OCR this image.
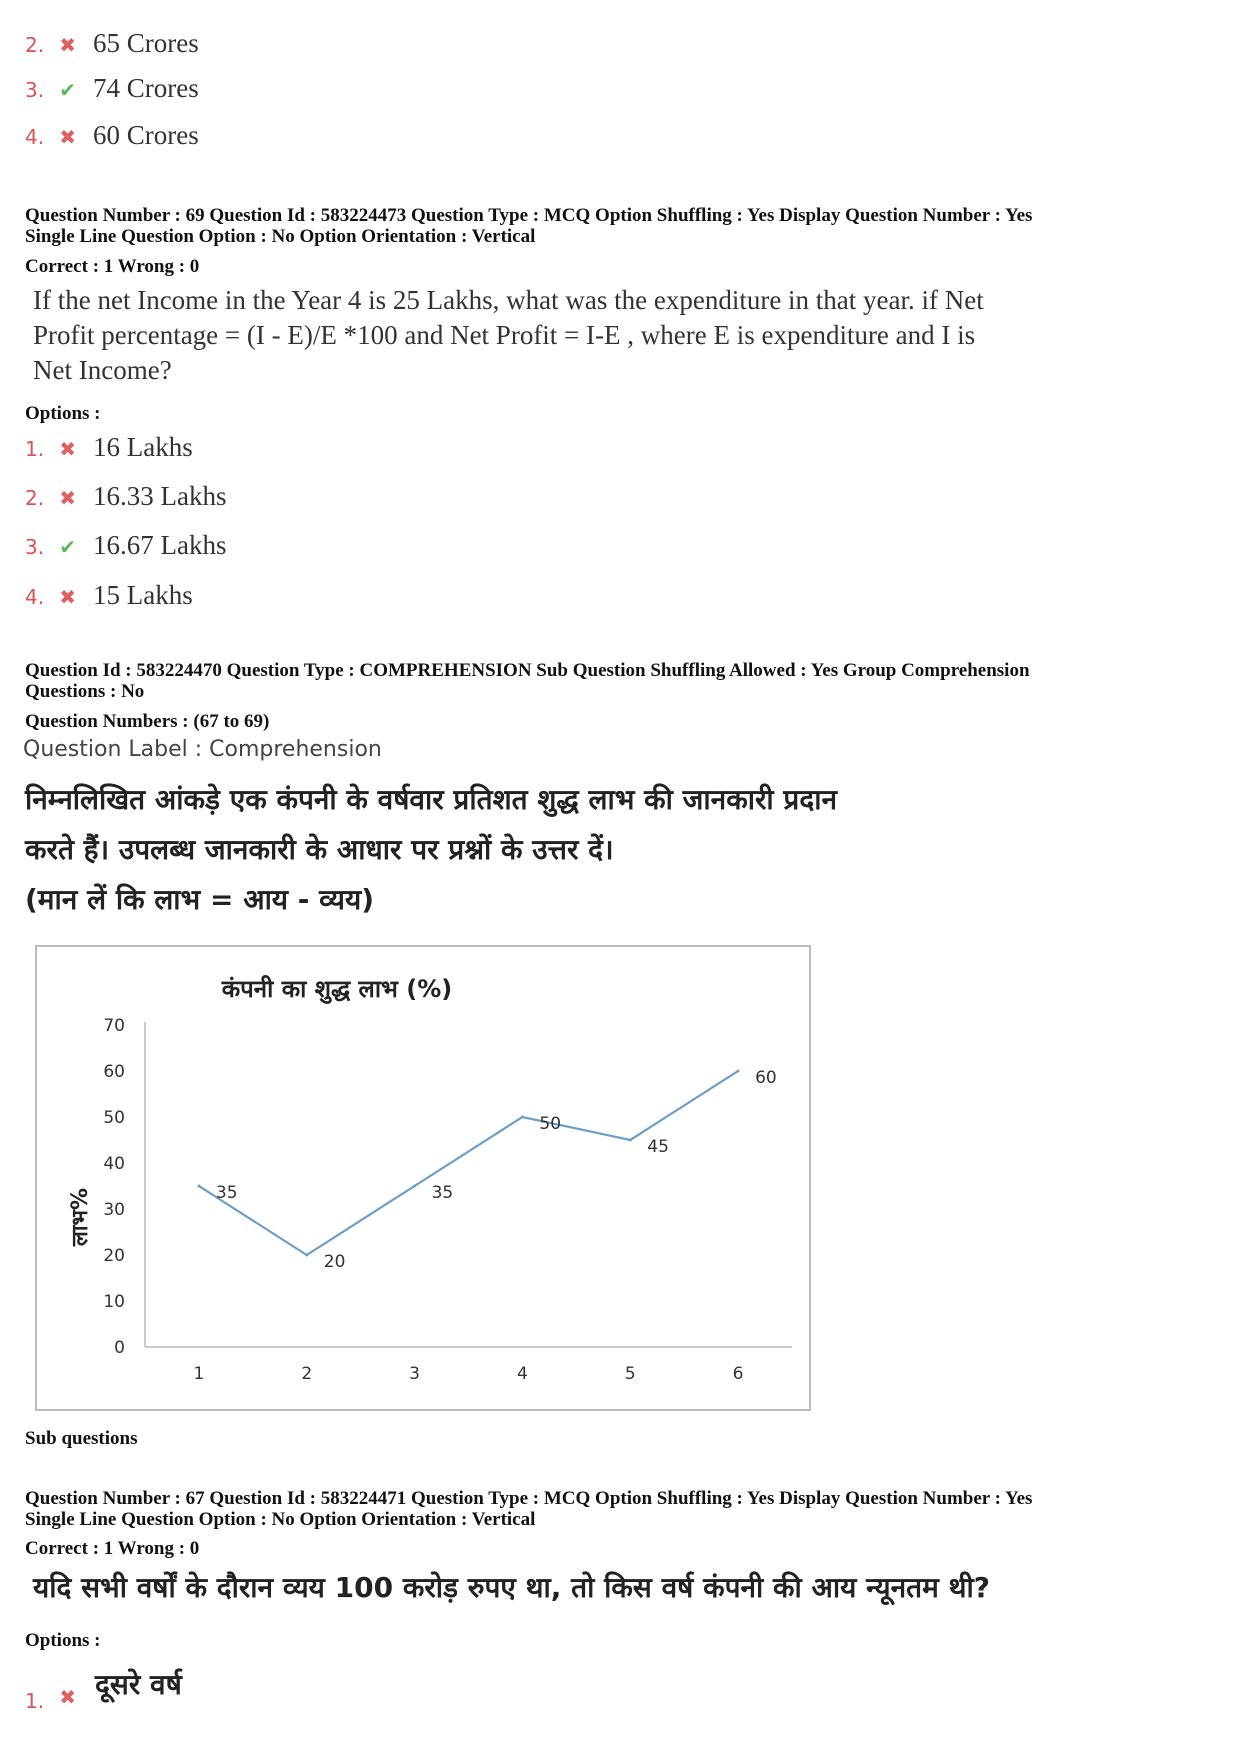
2. ✖ 65 Crores
3. ✔ 74 Crores
4. ✖ 60 Crores
Question Number : 69 Question Id : 583224473 Question Type : MCQ Option Shuffling : Yes Display Question Number : Yes
Single Line Question Option : No Option Orientation : Vertical
Correct : 1 Wrong : 0
If the net Income in the Year 4 is 25 Lakhs, what was the expenditure in that year. if Net
Profit percentage = (I - E)/E *100 and Net Profit = I-E , where E is expenditure and I is
Net Income?
Options :
1. ✖ 16 Lakhs
2. ✖ 16.33 Lakhs
3. ✔ 16.67 Lakhs
4. ✖ 15 Lakhs
Question Id : 583224470 Question Type : COMPREHENSION Sub Question Shuffling Allowed : Yes Group Comprehension
Questions : No
Question Numbers : (67 to 69)
Question Label : Comprehension
निम्नलिखित आंकड़े एक कंपनी के वर्षवार प्रतिशत शुद्ध लाभ की जानकारी प्रदान
करते हैं। उपलब्ध जानकारी के आधार पर प्रश्नों के उत्तर दें।
(मान लें कि लाभ = आय - व्यय)
कंपनी का शुद्ध लाभ (%)
लाभ%
0
10
20
30
40
50
60
70
1	2	3	4	5	6
35
20
35
50
45
60
Sub questions
Question Number : 67 Question Id : 583224471 Question Type : MCQ Option Shuffling : Yes Display Question Number : Yes
Single Line Question Option : No Option Orientation : Vertical
Correct : 1 Wrong : 0
यदि सभी वर्षों के दौरान व्यय 100 करोड़ रुपए था, तो किस वर्ष कंपनी की आय न्यूनतम थी?
Options :
1. ✖ दूसरे वर्ष
